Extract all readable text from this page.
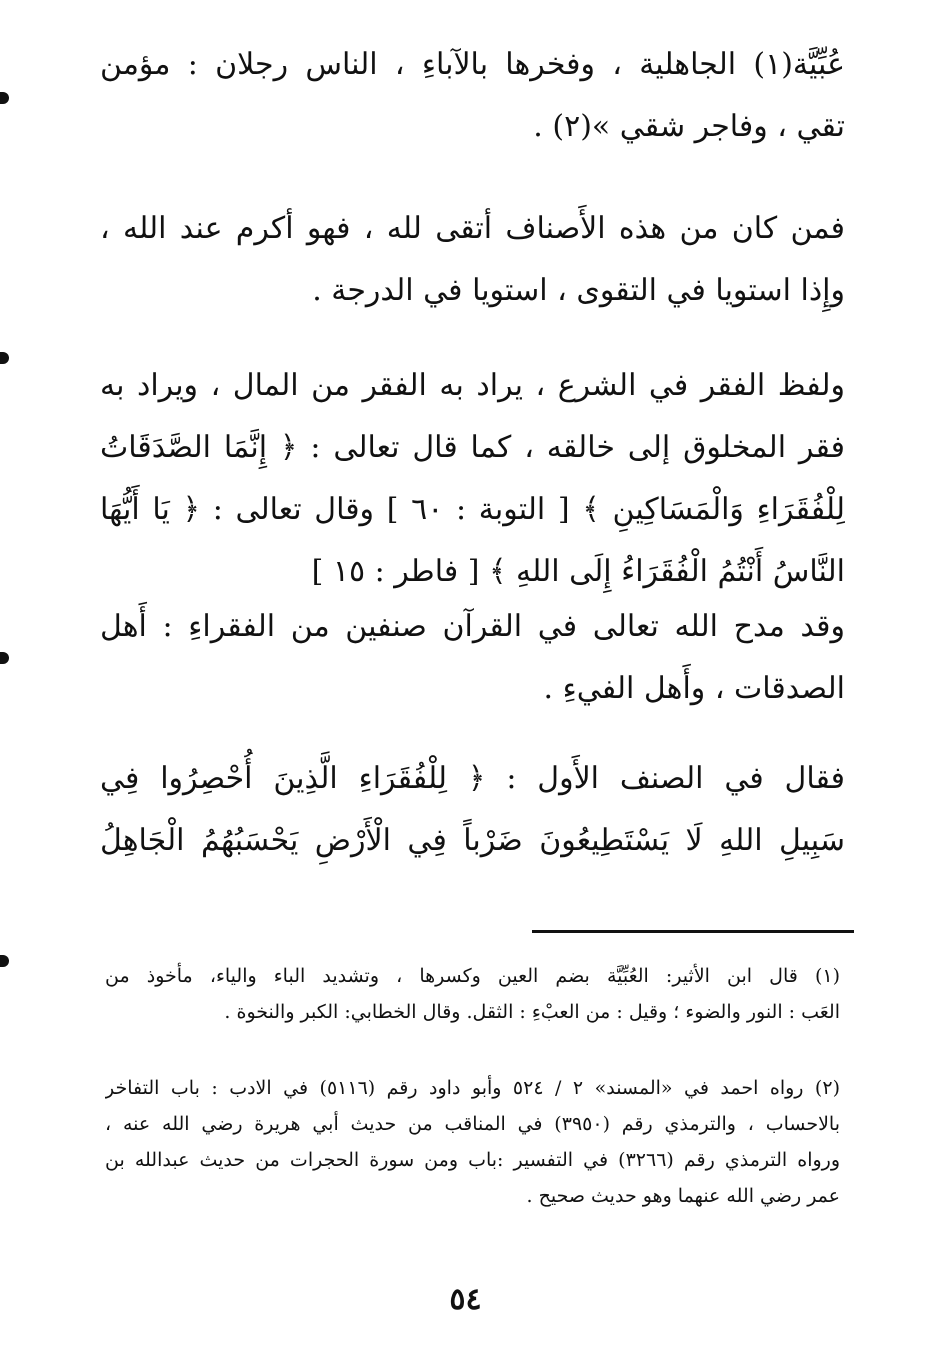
عُبِّيَّة(١) الجاهلية ، وفخرها بالآباءِ ، الناس رجلان : مؤمن
تقي ، وفاجر شقي »(٢) .
فمن كان من هذه الأَصناف أتقى لله ، فهو أكرم عند الله ،
وإِذا استويا في التقوى ، استويا في الدرجة .
ولفظ الفقر في الشرع ، يراد به الفقر من المال ، ويراد به
فقر المخلوق إلى خالقه ، كما قال تعالى : ﴿ إِنَّمَا الصَّدَقَاتُ
لِلْفُقَرَاءِ وَالْمَسَاكِينِ ﴾ [ التوبة : ٦٠ ] وقال تعالى : ﴿ يَا أَيُّهَا
النَّاسُ أَنْتُمُ الْفُقَرَاءُ إِلَى اللهِ ﴾ [ فاطر : ١٥ ]
وقد مدح الله تعالى في القرآن صنفين من الفقراءِ : أَهل
الصدقات ، وأَهل الفيءِ .
فقال في الصنف الأَول : ﴿ لِلْفُقَرَاءِ الَّذِينَ أُحْصِرُوا فِي
سَبِيلِ اللهِ لَا يَسْتَطِيعُونَ ضَرْباً فِي الْأَرْضِ يَحْسَبُهُمُ الْجَاهِلُ
(١) قال ابن الأثير: العُبِّيَّة بضم العين وكسرها ، وتشديد الباء والياء، مأخوذ من
العَب : النور والضوء ؛ وقيل : من العبْءِ : الثقل. وقال الخطابي: الكبر والنخوة .
(٢) رواه احمد في «المسند» ٢ / ٥٢٤ وأبو داود رقم (٥١١٦) في الادب : باب التفاخر
بالاحساب ، والترمذي رقم (٣٩٥٠) في المناقب من حديث أبي هريرة رضي الله عنه ،
ورواه الترمذي رقم (٣٢٦٦) في التفسير :باب ومن سورة الحجرات من حديث عبدالله بن
عمر رضي الله عنهما وهو حديث صحيح .
٥٤
